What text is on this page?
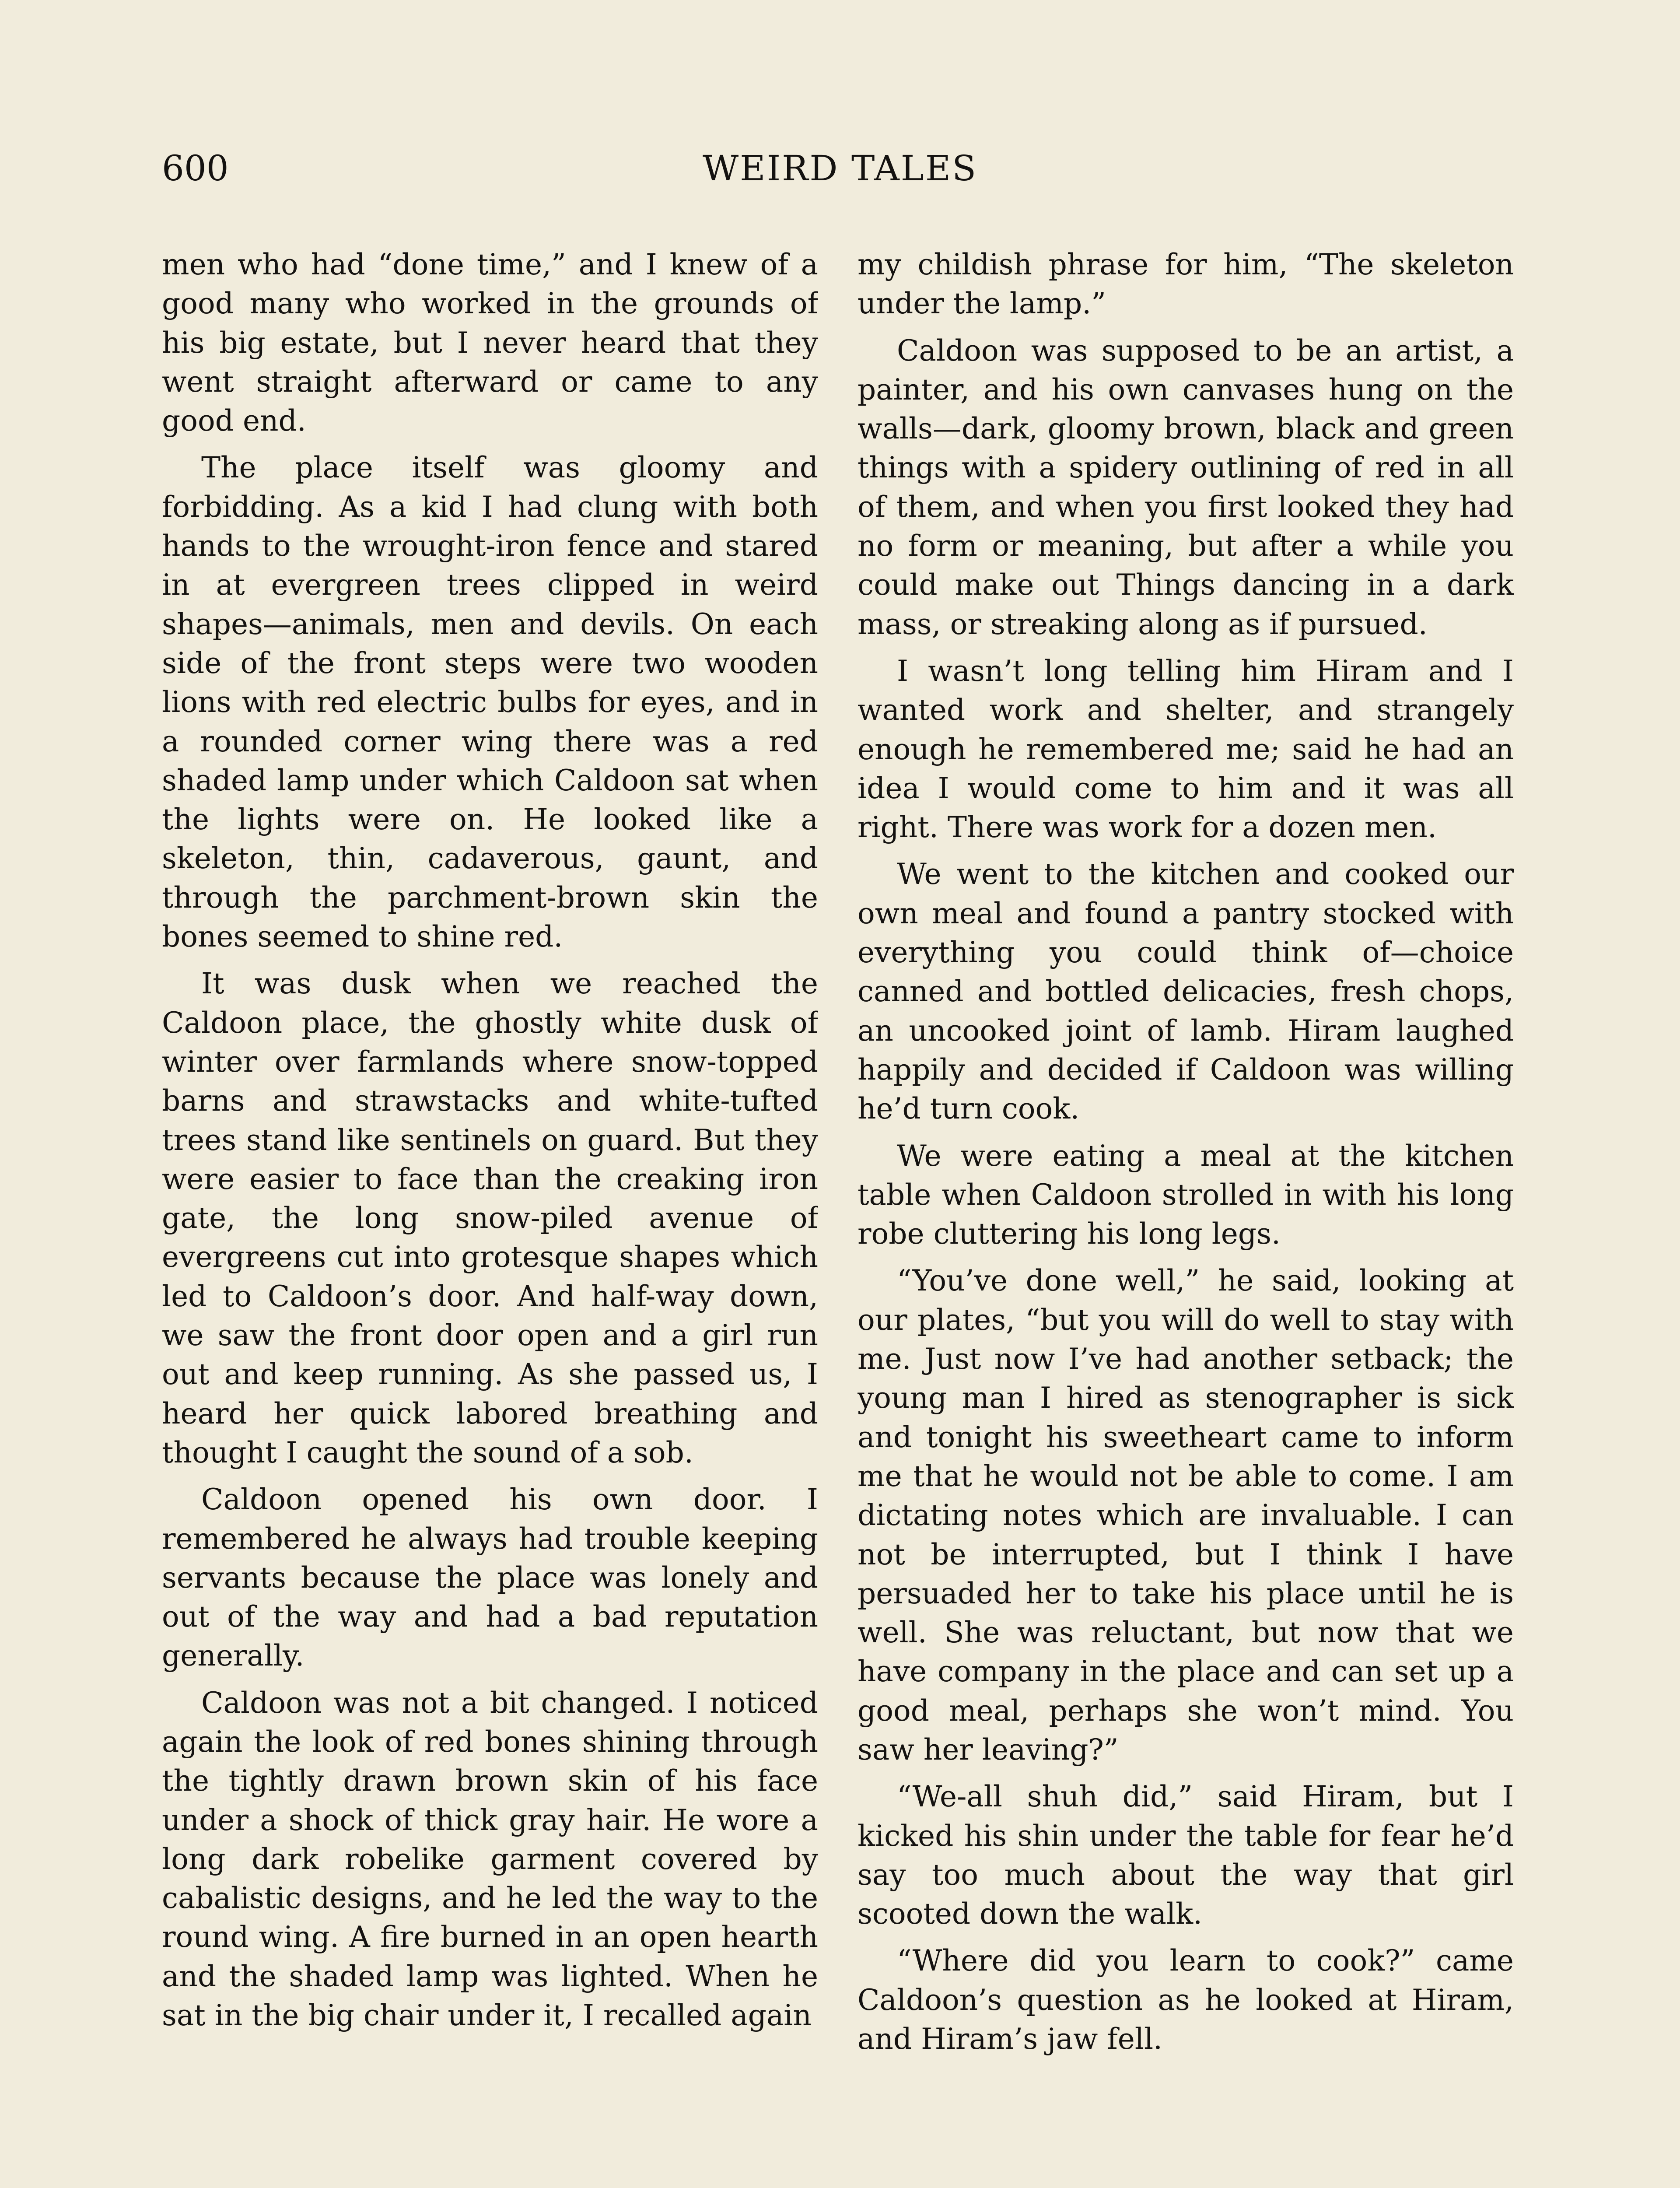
600	WEIRD TALES

men who had “done time,” and I knew of a good many who worked in the grounds of his big estate, but I never heard that they went straight afterward or came to any good end.

The place itself was gloomy and forbidding. As a kid I had clung with both hands to the wrought-iron fence and stared in at evergreen trees clipped in weird shapes—animals, men and devils. On each side of the front steps were two wooden lions with red electric bulbs for eyes, and in a rounded corner wing there was a red shaded lamp under which Caldoon sat when the lights were on. He looked like a skeleton, thin, cadaverous, gaunt, and through the parchment-brown skin the bones seemed to shine red.

It was dusk when we reached the Caldoon place, the ghostly white dusk of winter over farmlands where snow-topped barns and strawstacks and white-tufted trees stand like sentinels on guard. But they were easier to face than the creaking iron gate, the long snow-piled avenue of evergreens cut into grotesque shapes which led to Caldoon’s door. And half-way down, we saw the front door open and a girl run out and keep running. As she passed us, I heard her quick labored breathing and thought I caught the sound of a sob.

Caldoon opened his own door. I remembered he always had trouble keeping servants because the place was lonely and out of the way and had a bad reputation generally.

Caldoon was not a bit changed. I noticed again the look of red bones shining through the tightly drawn brown skin of his face under a shock of thick gray hair. He wore a long dark robelike garment covered by cabalistic designs, and he led the way to the round wing. A fire burned in an open hearth and the shaded lamp was lighted. When he sat in the big chair under it, I recalled again

my childish phrase for him, “The skeleton under the lamp.”

Caldoon was supposed to be an artist, a painter, and his own canvases hung on the walls—dark, gloomy brown, black and green things with a spidery outlining of red in all of them, and when you first looked they had no form or meaning, but after a while you could make out Things dancing in a dark mass, or streaking along as if pursued.

I wasn’t long telling him Hiram and I wanted work and shelter, and strangely enough he remembered me; said he had an idea I would come to him and it was all right. There was work for a dozen men.

We went to the kitchen and cooked our own meal and found a pantry stocked with everything you could think of—choice canned and bottled delicacies, fresh chops, an uncooked joint of lamb. Hiram laughed happily and decided if Caldoon was willing he’d turn cook.

We were eating a meal at the kitchen table when Caldoon strolled in with his long robe cluttering his long legs.

“You’ve done well,” he said, looking at our plates, “but you will do well to stay with me. Just now I’ve had another setback; the young man I hired as stenographer is sick and tonight his sweetheart came to inform me that he would not be able to come. I am dictating notes which are invaluable. I can not be interrupted, but I think I have persuaded her to take his place until he is well. She was reluctant, but now that we have company in the place and can set up a good meal, perhaps she won’t mind. You saw her leaving?”

“We-all shuh did,” said Hiram, but I kicked his shin under the table for fear he’d say too much about the way that girl scooted down the walk.

“Where did you learn to cook?” came Caldoon’s question as he looked at Hiram, and Hiram’s jaw fell.
